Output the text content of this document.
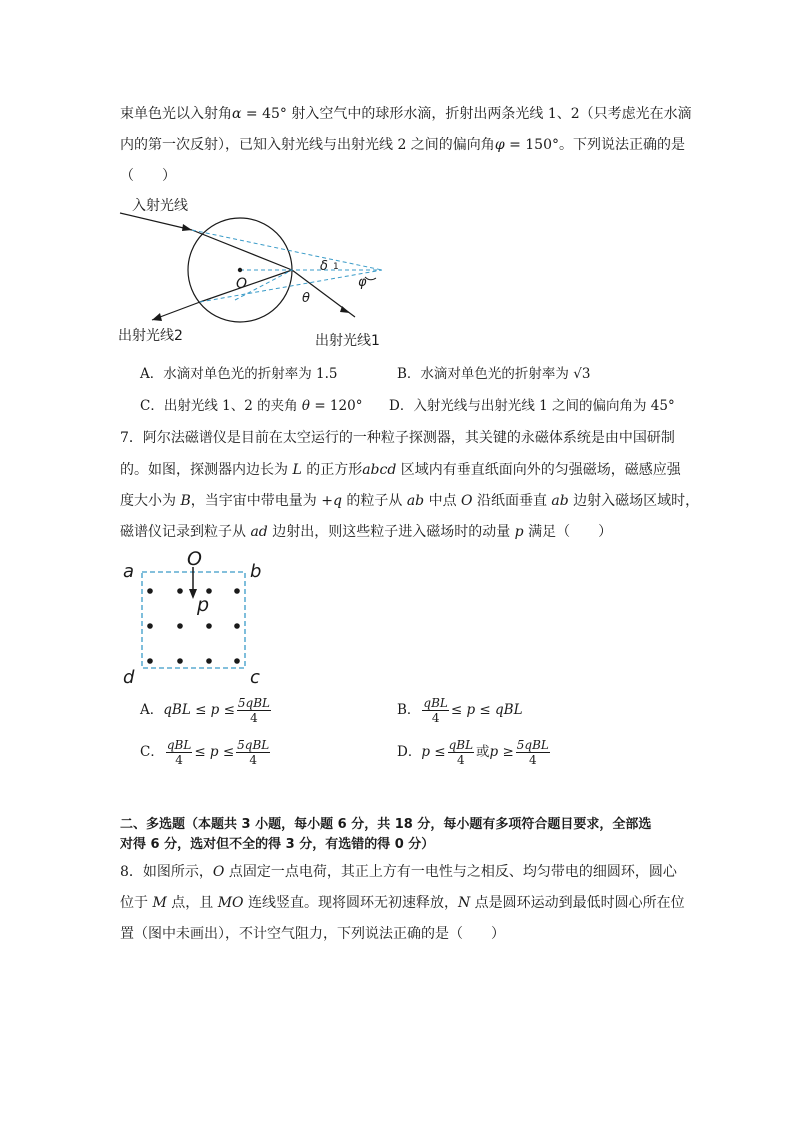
束单色光以入射角α = 45° 射入空气中的球形水滴，折射出两条光线 1、2（只考虑光在水滴
内的第一次反射），已知入射光线与出射光线 2 之间的偏向角φ = 150°。下列说法正确的是
（　　）
入射光线
O
δ 1
θ
φ
出射光线2	出射光线1
A．水滴对单色光的折射率为 1.5	B．水滴对单色光的折射率为 √3
C．出射光线 1、2 的夹角 θ = 120° D．入射光线与出射光线 1 之间的偏向角为 45°
7．阿尔法磁谱仪是目前在太空运行的一种粒子探测器，其关键的永磁体系统是由中国研制
的。如图，探测器内边长为 L 的正方形abcd 区域内有垂直纸面向外的匀强磁场，磁感应强
度大小为 B，当宇宙中带电量为 +q 的粒子从 ab 中点 O 沿纸面垂直 ab 边射入磁场区域时，
磁谱仪记录到粒子从 ad 边射出，则这些粒子进入磁场时的动量 p 满足（　　）
O
a	b
p
d	c
A．qBL ≤ $p \le \frac{\text{5qBL}}{4}$	B． $\frac{\text{qBL}}{4} \le p$ ≤ qBL
C． $\frac{\text{qBL}}{4} \le p \le \frac{\text{5qBL}}{4}$	D．$p \le \frac{\text{qBL}}{4}$ 或$p \ge \frac{\text{5qBL}}{4}$
二、多选题（本题共 3 小题，每小题 6 分，共 18 分，每小题有多项符合题目要求，全部选
对得 6 分，选对但不全的得 3 分，有选错的得 0 分）
8．如图所示，O 点固定一点电荷，其正上方有一电性与之相反、均匀带电的细圆环，圆心
位于 M 点，且 MO 连线竖直。现将圆环无初速释放，N 点是圆环运动到最低时圆心所在位
置（图中未画出），不计空气阻力，下列说法正确的是（　　）
